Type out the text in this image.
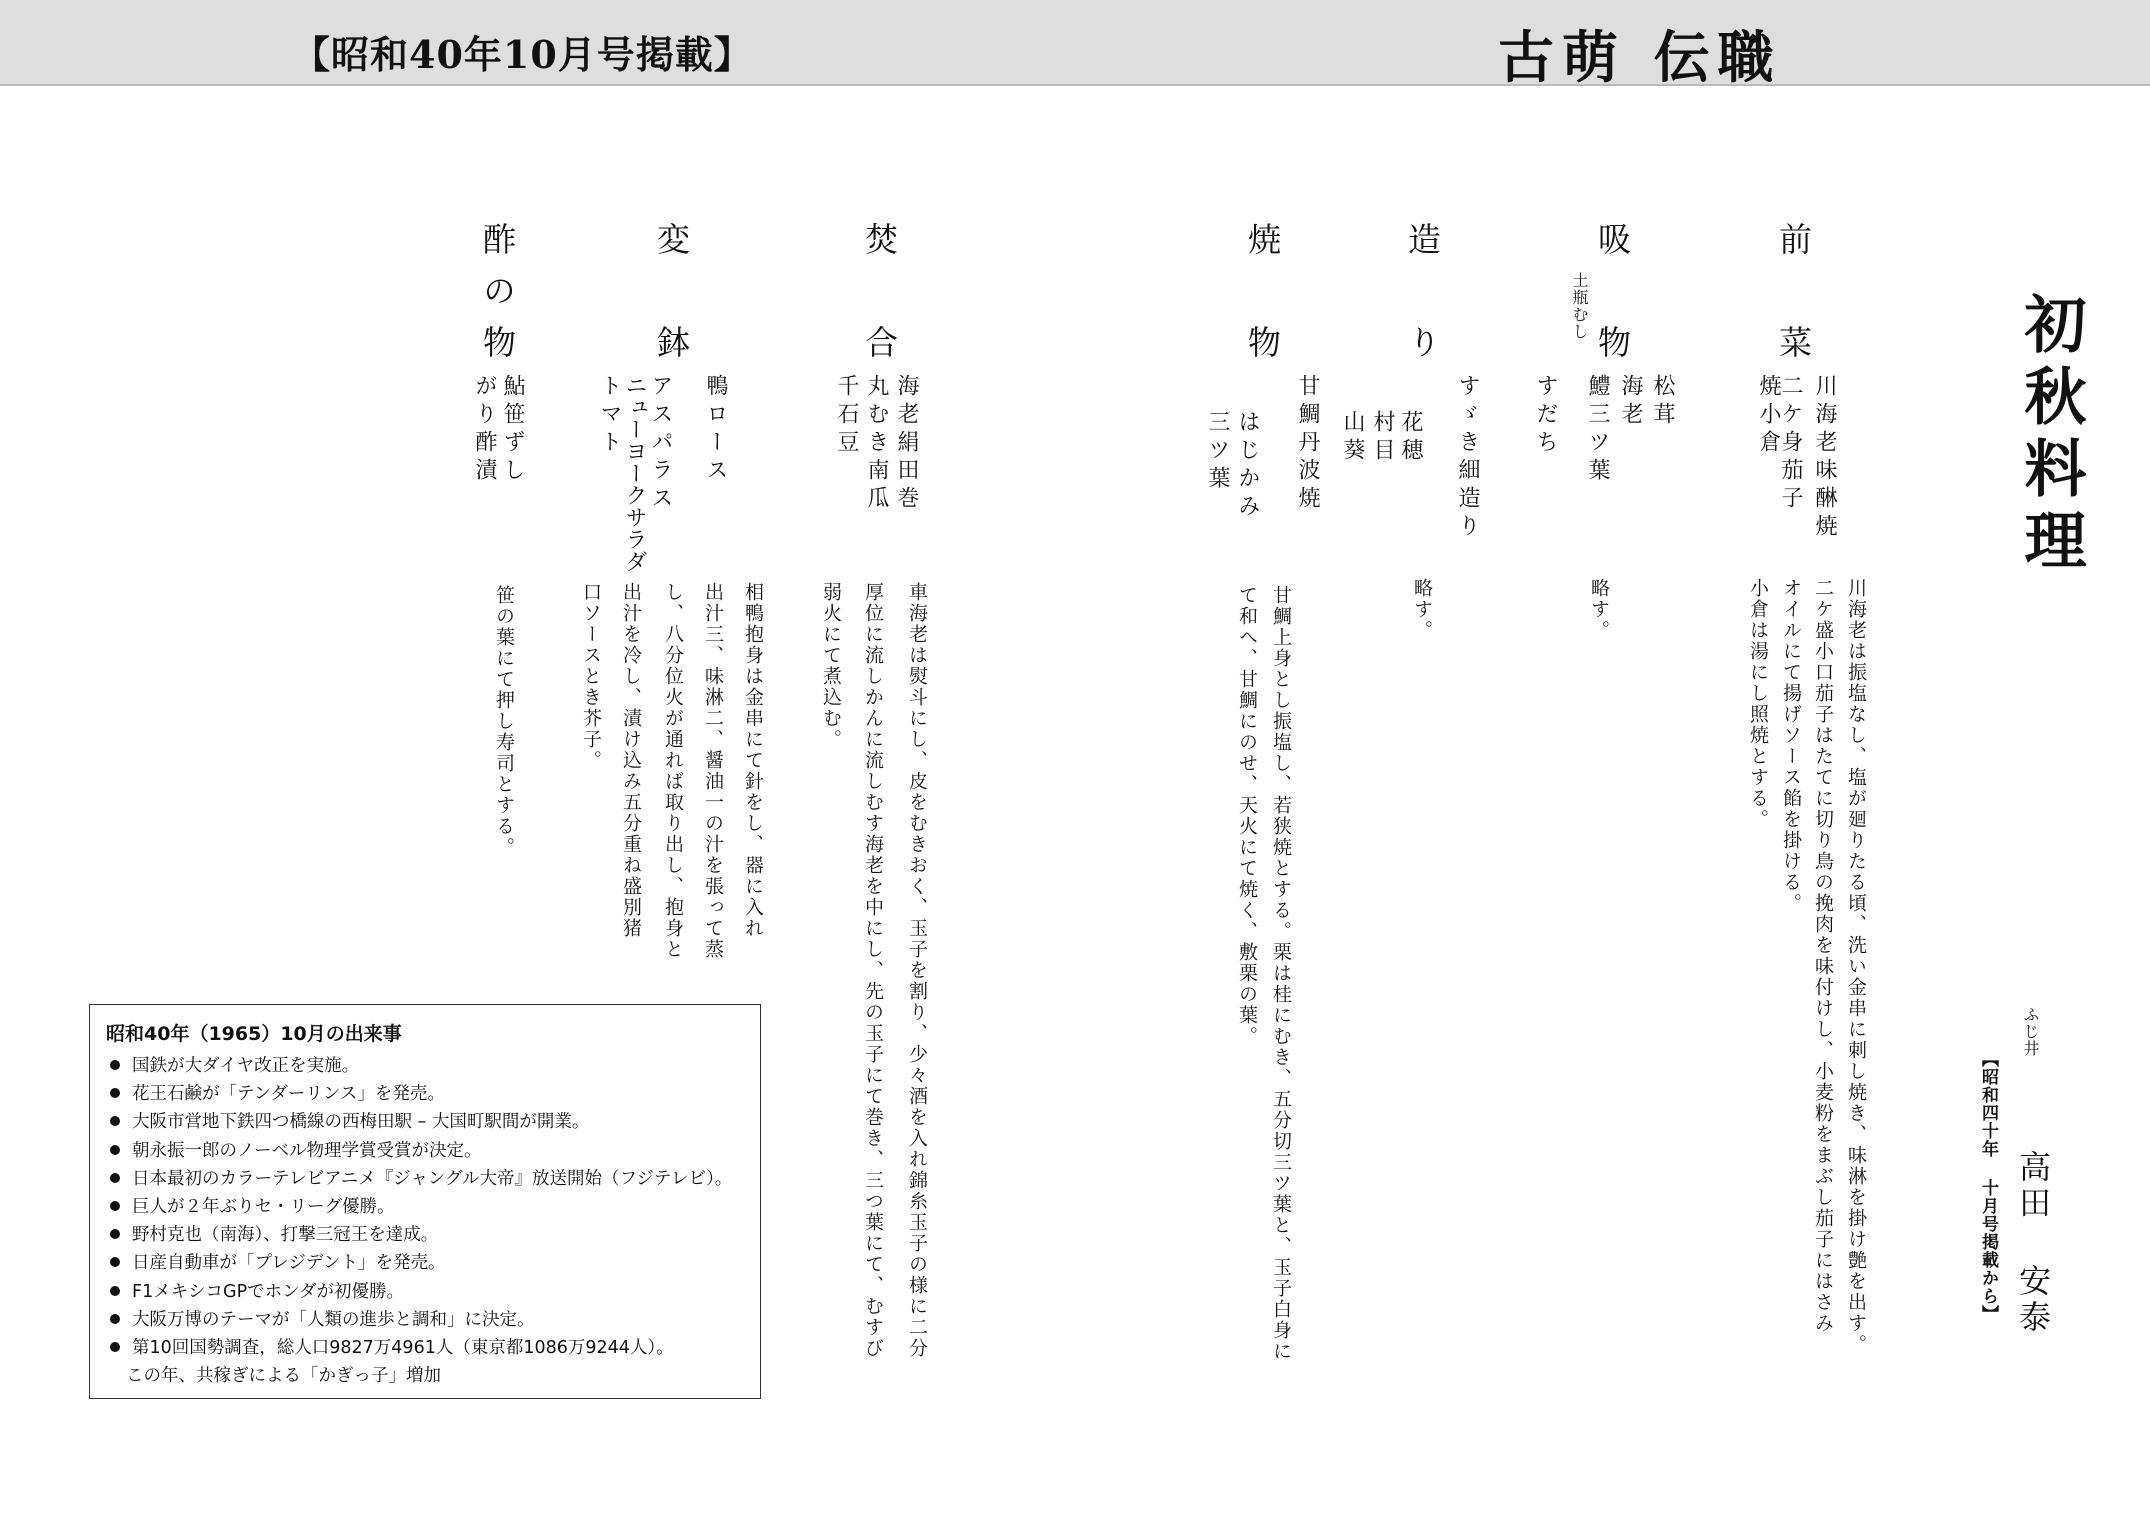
【昭和40年10月号掲載】	古萌 伝職
初秋料理
ふじ井
高田 安泰
【昭和四十年 十月号掲載から】
前　菜
川海老味醂焼
二ケ身茄子
焼小倉
川海老は振塩なし、塩が廻りたる頃、洗い金串に刺し焼き、味淋を掛け艶を出す。
二ケ盛小口茄子はたてに切り鳥の挽肉を味付けし、小麦粉をまぶし茄子にはさみ
オイルにて揚げソース餡を掛ける。
小倉は湯にし照焼とする。
吸　物
土瓶むし
松茸
海老
鱧三ツ葉
すだち
略す。
造　り
すゞき細造り
花穂
村目
山葵
略す。
焼　物
甘鯛丹波焼
はじかみ
三ツ葉
甘鯛上身とし振塩し、若狭焼とする。栗は桂にむき、五分切三ツ葉と、玉子白身に
て和へ、甘鯛にのせ、天火にて焼く、敷栗の葉。
焚　合
海老絹田巻
丸むき南瓜
千石豆
車海老は熨斗にし、皮をむきおく、玉子を割り、少々酒を入れ錦糸玉子の様に二分
厚位に流しかんに流しむす海老を中にし、先の玉子にて巻き、三つ葉にて、むすび
弱火にて煮込む。
変　鉢
鴨ロース
アスパラス
ニューヨークサラダ
トマト
相鴨抱身は金串にて針をし、器に入れ
出汁三、味淋二、醤油一の汁を張って蒸
し、八分位火が通れば取り出し、抱身と
出汁を冷し、漬け込み五分重ね盛別猪
口ソースとき芥子。
酢の物
鮎笹ずし
がり酢漬
笹の葉にて押し寿司とする。
昭和40年（1965）10月の出来事
国鉄が大ダイヤ改正を実施。
花王石鹸が「テンダーリンス」を発売。
大阪市営地下鉄四つ橋線の西梅田駅 – 大国町駅間が開業。
朝永振一郎のノーベル物理学賞受賞が決定。
日本最初のカラーテレビアニメ『ジャングル大帝』放送開始（フジテレビ）。
巨人が２年ぶりセ・リーグ優勝。
野村克也（南海）、打撃三冠王を達成。
日産自動車が「プレジデント」を発売。
F1メキシコGPでホンダが初優勝。
大阪万博のテーマが「人類の進歩と調和」に決定。
第10回国勢調査，総人口9827万4961人（東京都1086万9244人）。
この年、共稼ぎによる「かぎっ子」増加
